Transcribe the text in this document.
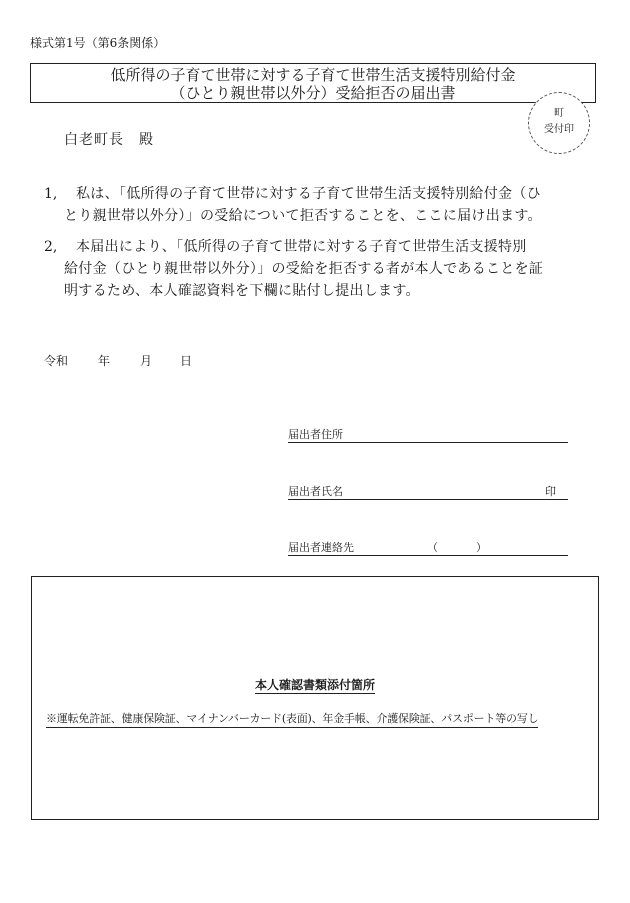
様式第1号（第6条関係）
低所得の子育て世帯に対する子育て世帯生活支援特別給付金
（ひとり親世帯以外分）受給拒否の届出書
町
受付印
白老町長　殿
1,	私は、「低所得の子育て世帯に対する子育て世帯生活支援特別給付金（ひ
とり親世帯以外分）」の受給について拒否することを、ここに届け出ます。
2,	本届出により、「低所得の子育て世帯に対する子育て世帯生活支援特別
給付金（ひとり親世帯以外分）」の受給を拒否する者が本人であることを証
明するため、本人確認資料を下欄に貼付し提出します。
令和 年 月 日
届出者住所
届出者氏名	印
届出者連絡先	（	）
本人確認書類添付箇所
※運転免許証、健康保険証、マイナンバーカード(表面)、年金手帳、介護保険証、パスポート等の写し
